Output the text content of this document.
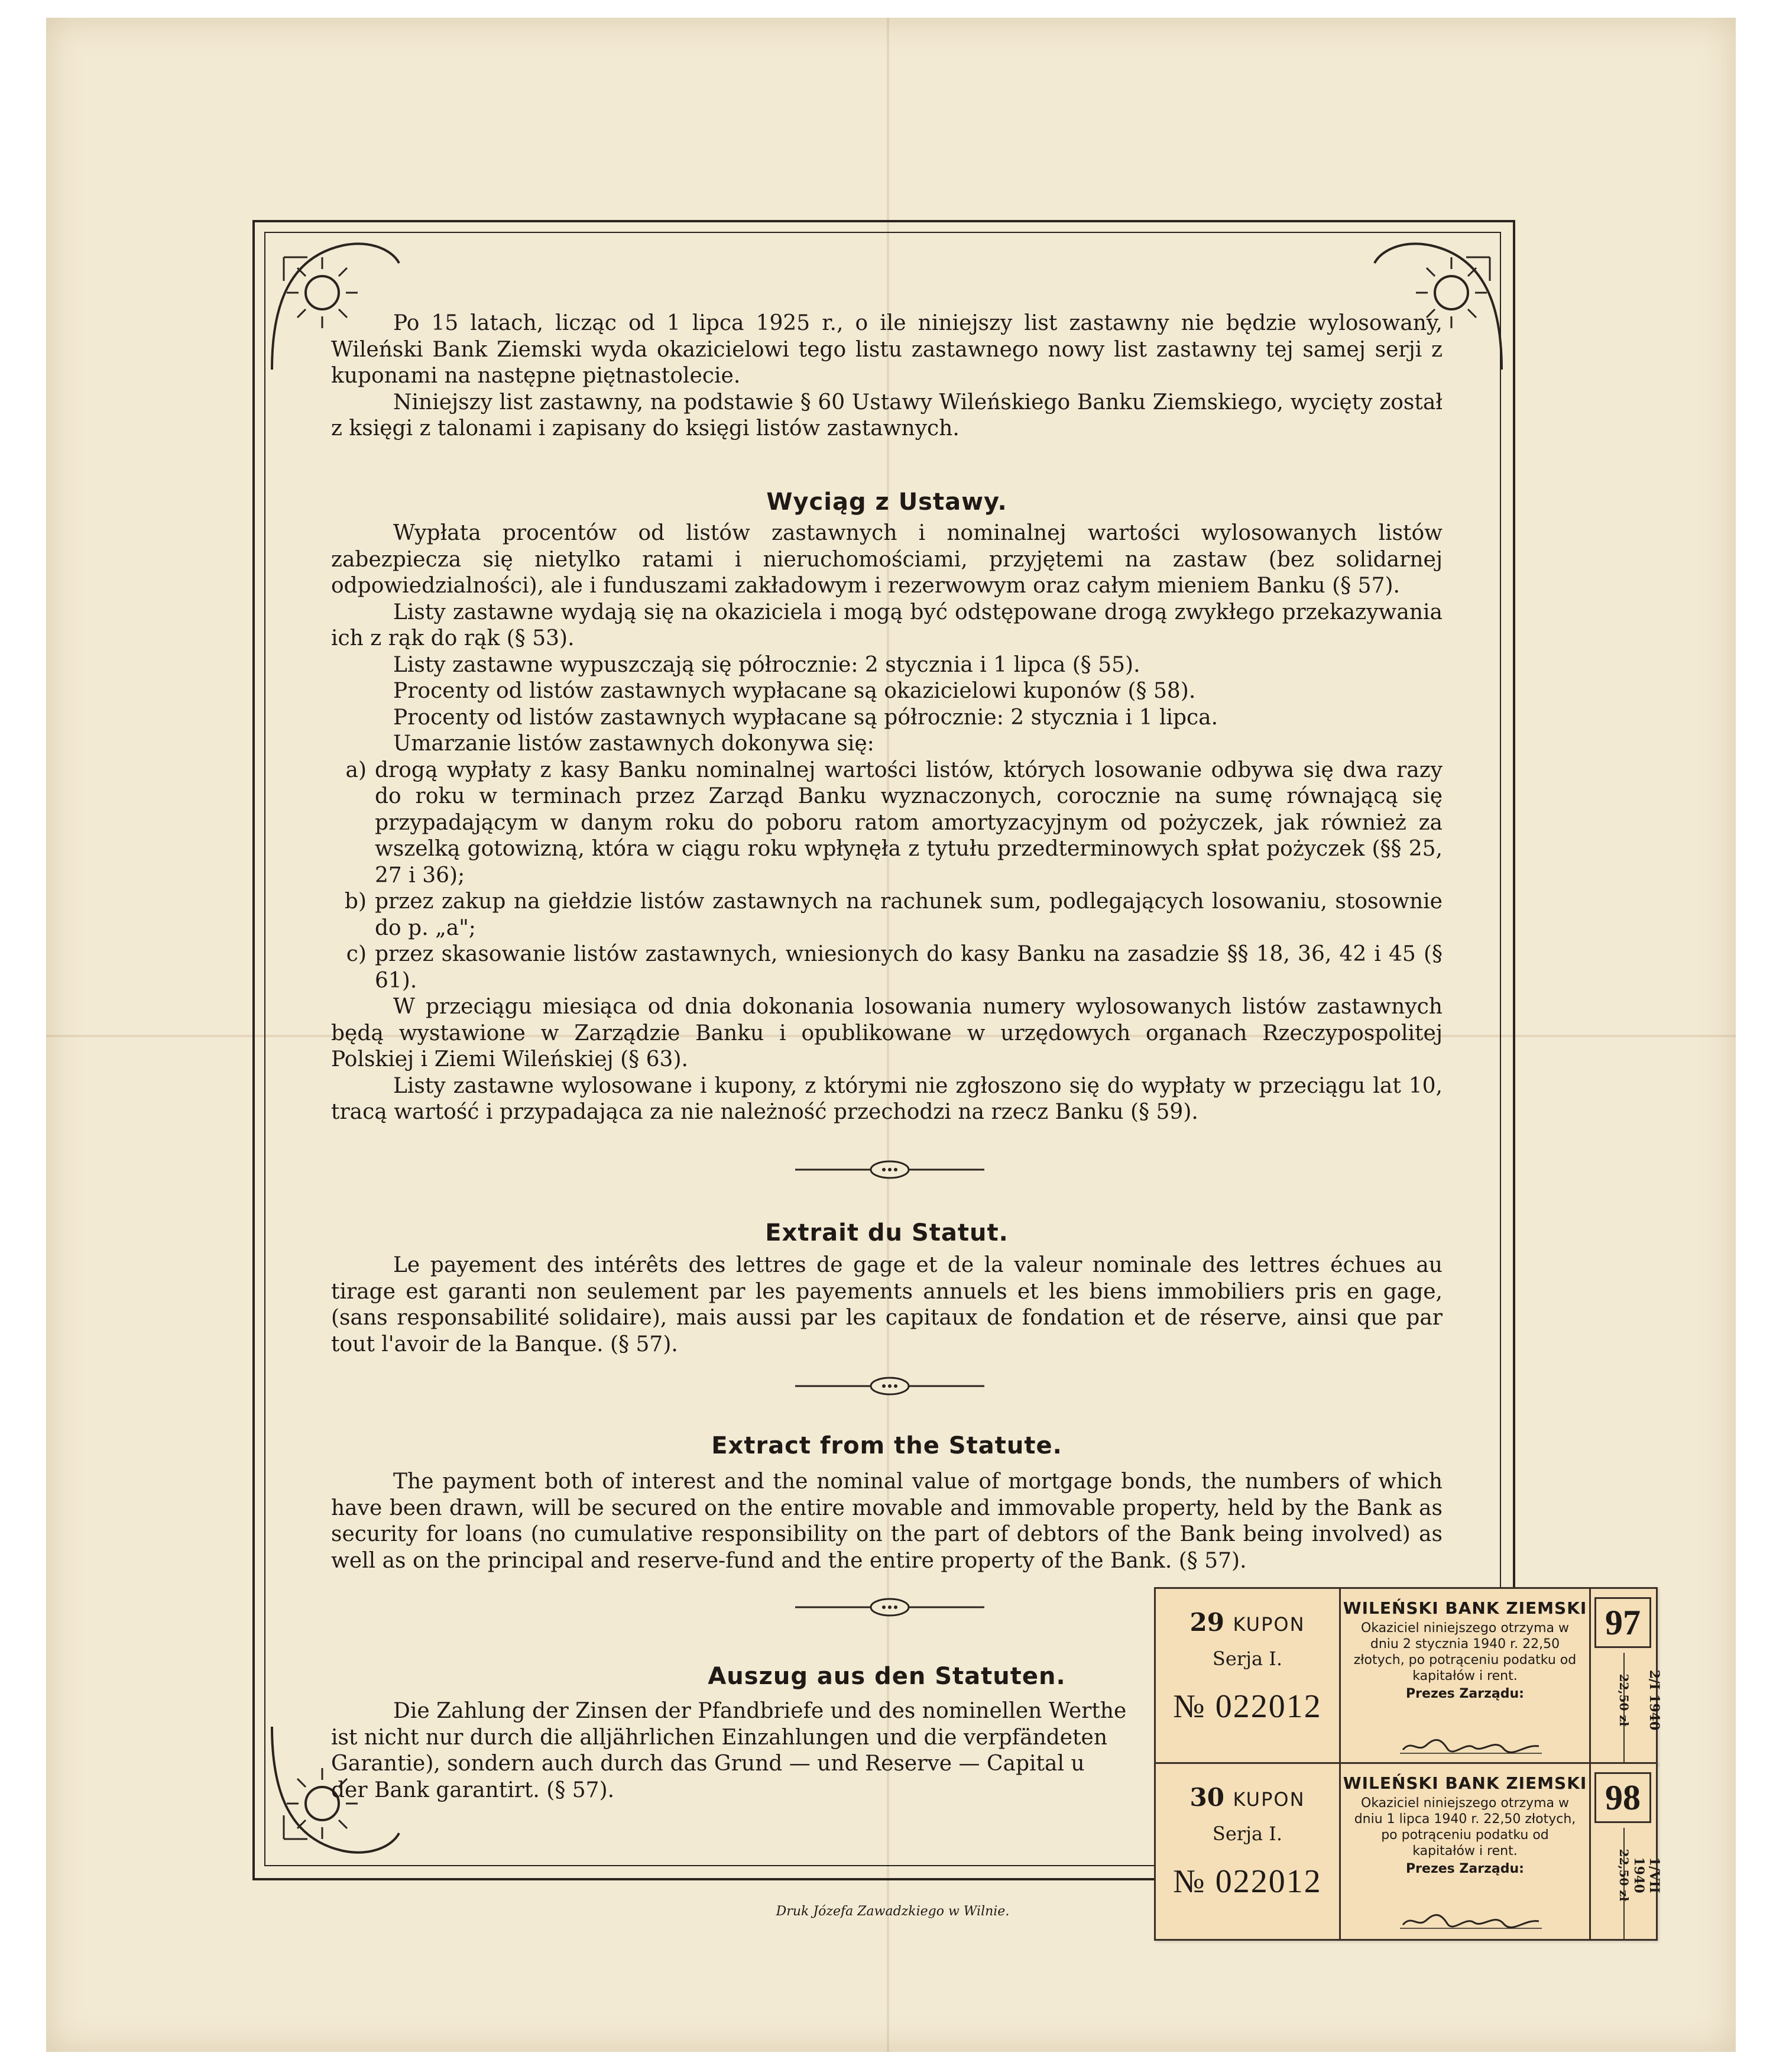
Po 15 latach, licząc od 1 lipca 1925 r., o ile niniejszy list zastawny nie będzie wylosowany, Wileński Bank Ziemski wyda okazicielowi tego listu zastawnego nowy list zastawny tej samej serji z kuponami na następne piętnastolecie.

Niniejszy list zastawny, na podstawie § 60 Ustawy Wileńskiego Banku Ziemskiego, wycięty został z księgi z talonami i zapisany do księgi listów zastawnych.

Wyciąg z Ustawy.

Wypłata procentów od listów zastawnych i nominalnej wartości wylosowanych listów zabezpiecza się nietylko ratami i nieruchomościami, przyjętemi na zastaw (bez solidarnej odpowiedzialności), ale i funduszami zakładowym i rezerwowym oraz całym mieniem Banku (§ 57).

Listy zastawne wydają się na okaziciela i mogą być odstępowane drogą zwykłego przekazywania ich z rąk do rąk (§ 53).

Listy zastawne wypuszczają się półrocznie: 2 stycznia i 1 lipca (§ 55).

Procenty od listów zastawnych wypłacane są okazicielowi kuponów (§ 58).

Procenty od listów zastawnych wypłacane są półrocznie: 2 stycznia i 1 lipca.

Umarzanie listów zastawnych dokonywa się:

a) drogą wypłaty z kasy Banku nominalnej wartości listów, których losowanie odbywa się dwa razy do roku w terminach przez Zarząd Banku wyznaczonych, corocznie na sumę równającą się przypadającym w danym roku do poboru ratom amortyzacyjnym od pożyczek, jak również za wszelką gotowizną, która w ciągu roku wpłynęła z tytułu przedterminowych spłat pożyczek (§§ 25, 27 i 36);
b) przez zakup na giełdzie listów zastawnych na rachunek sum, podlegających losowaniu, stosownie do p. „a";
c) przez skasowanie listów zastawnych, wniesionych do kasy Banku na zasadzie §§ 18, 36, 42 i 45 (§ 61).

W przeciągu miesiąca od dnia dokonania losowania numery wylosowanych listów zastawnych będą wystawione w Zarządzie Banku i opublikowane w urzędowych organach Rzeczypospolitej Polskiej i Ziemi Wileńskiej (§ 63).

Listy zastawne wylosowane i kupony, z którymi nie zgłoszono się do wypłaty w przeciągu lat 10, tracą wartość i przypadająca za nie należność przechodzi na rzecz Banku (§ 59).

Extrait du Statut.

Le payement des intérêts des lettres de gage et de la valeur nominale des lettres échues au tirage est garanti non seulement par les payements annuels et les biens immobiliers pris en gage, (sans responsabilité solidaire), mais aussi par les capitaux de fondation et de réserve, ainsi que par tout l'avoir de la Banque. (§ 57).

Extract from the Statute.

The payment both of interest and the nominal value of mortgage bonds, the numbers of which have been drawn, will be secured on the entire movable and immovable property, held by the Bank as security for loans (no cumulative responsibility on the part of debtors of the Bank being involved) as well as on the principal and reserve-fund and the entire property of the Bank. (§ 57).

Auszug aus den Statuten.
Die Zahlung der Zinsen der Pfandbriefe und des nominellen Werthe
ist nicht nur durch die alljährlichen Einzahlungen und die verpfändeten
Garantie), sondern auch durch das Grund — und Reserve — Capital u
der Bank garantirt. (§ 57).
Druk Józefa Zawadzkiego w Wilnie.
29 KUPON
Serja I.
№ 022012
WILEŃSKI BANK ZIEMSKI
Okaziciel niniejszego otrzyma w dniu 2 stycznia 1940 r. 22,50 złotych, po potrąceniu podatku od kapitałów i rent.
Prezes Zarządu:
97
22,50 zł	2/I 1940
30 KUPON
Serja I.
№ 022012
WILEŃSKI BANK ZIEMSKI
Okaziciel niniejszego otrzyma w dniu 1 lipca 1940 r. 22,50 złotych, po potrąceniu podatku od kapitałów i rent.
Prezes Zarządu:
98
22,50 zł	1/VII 1940
